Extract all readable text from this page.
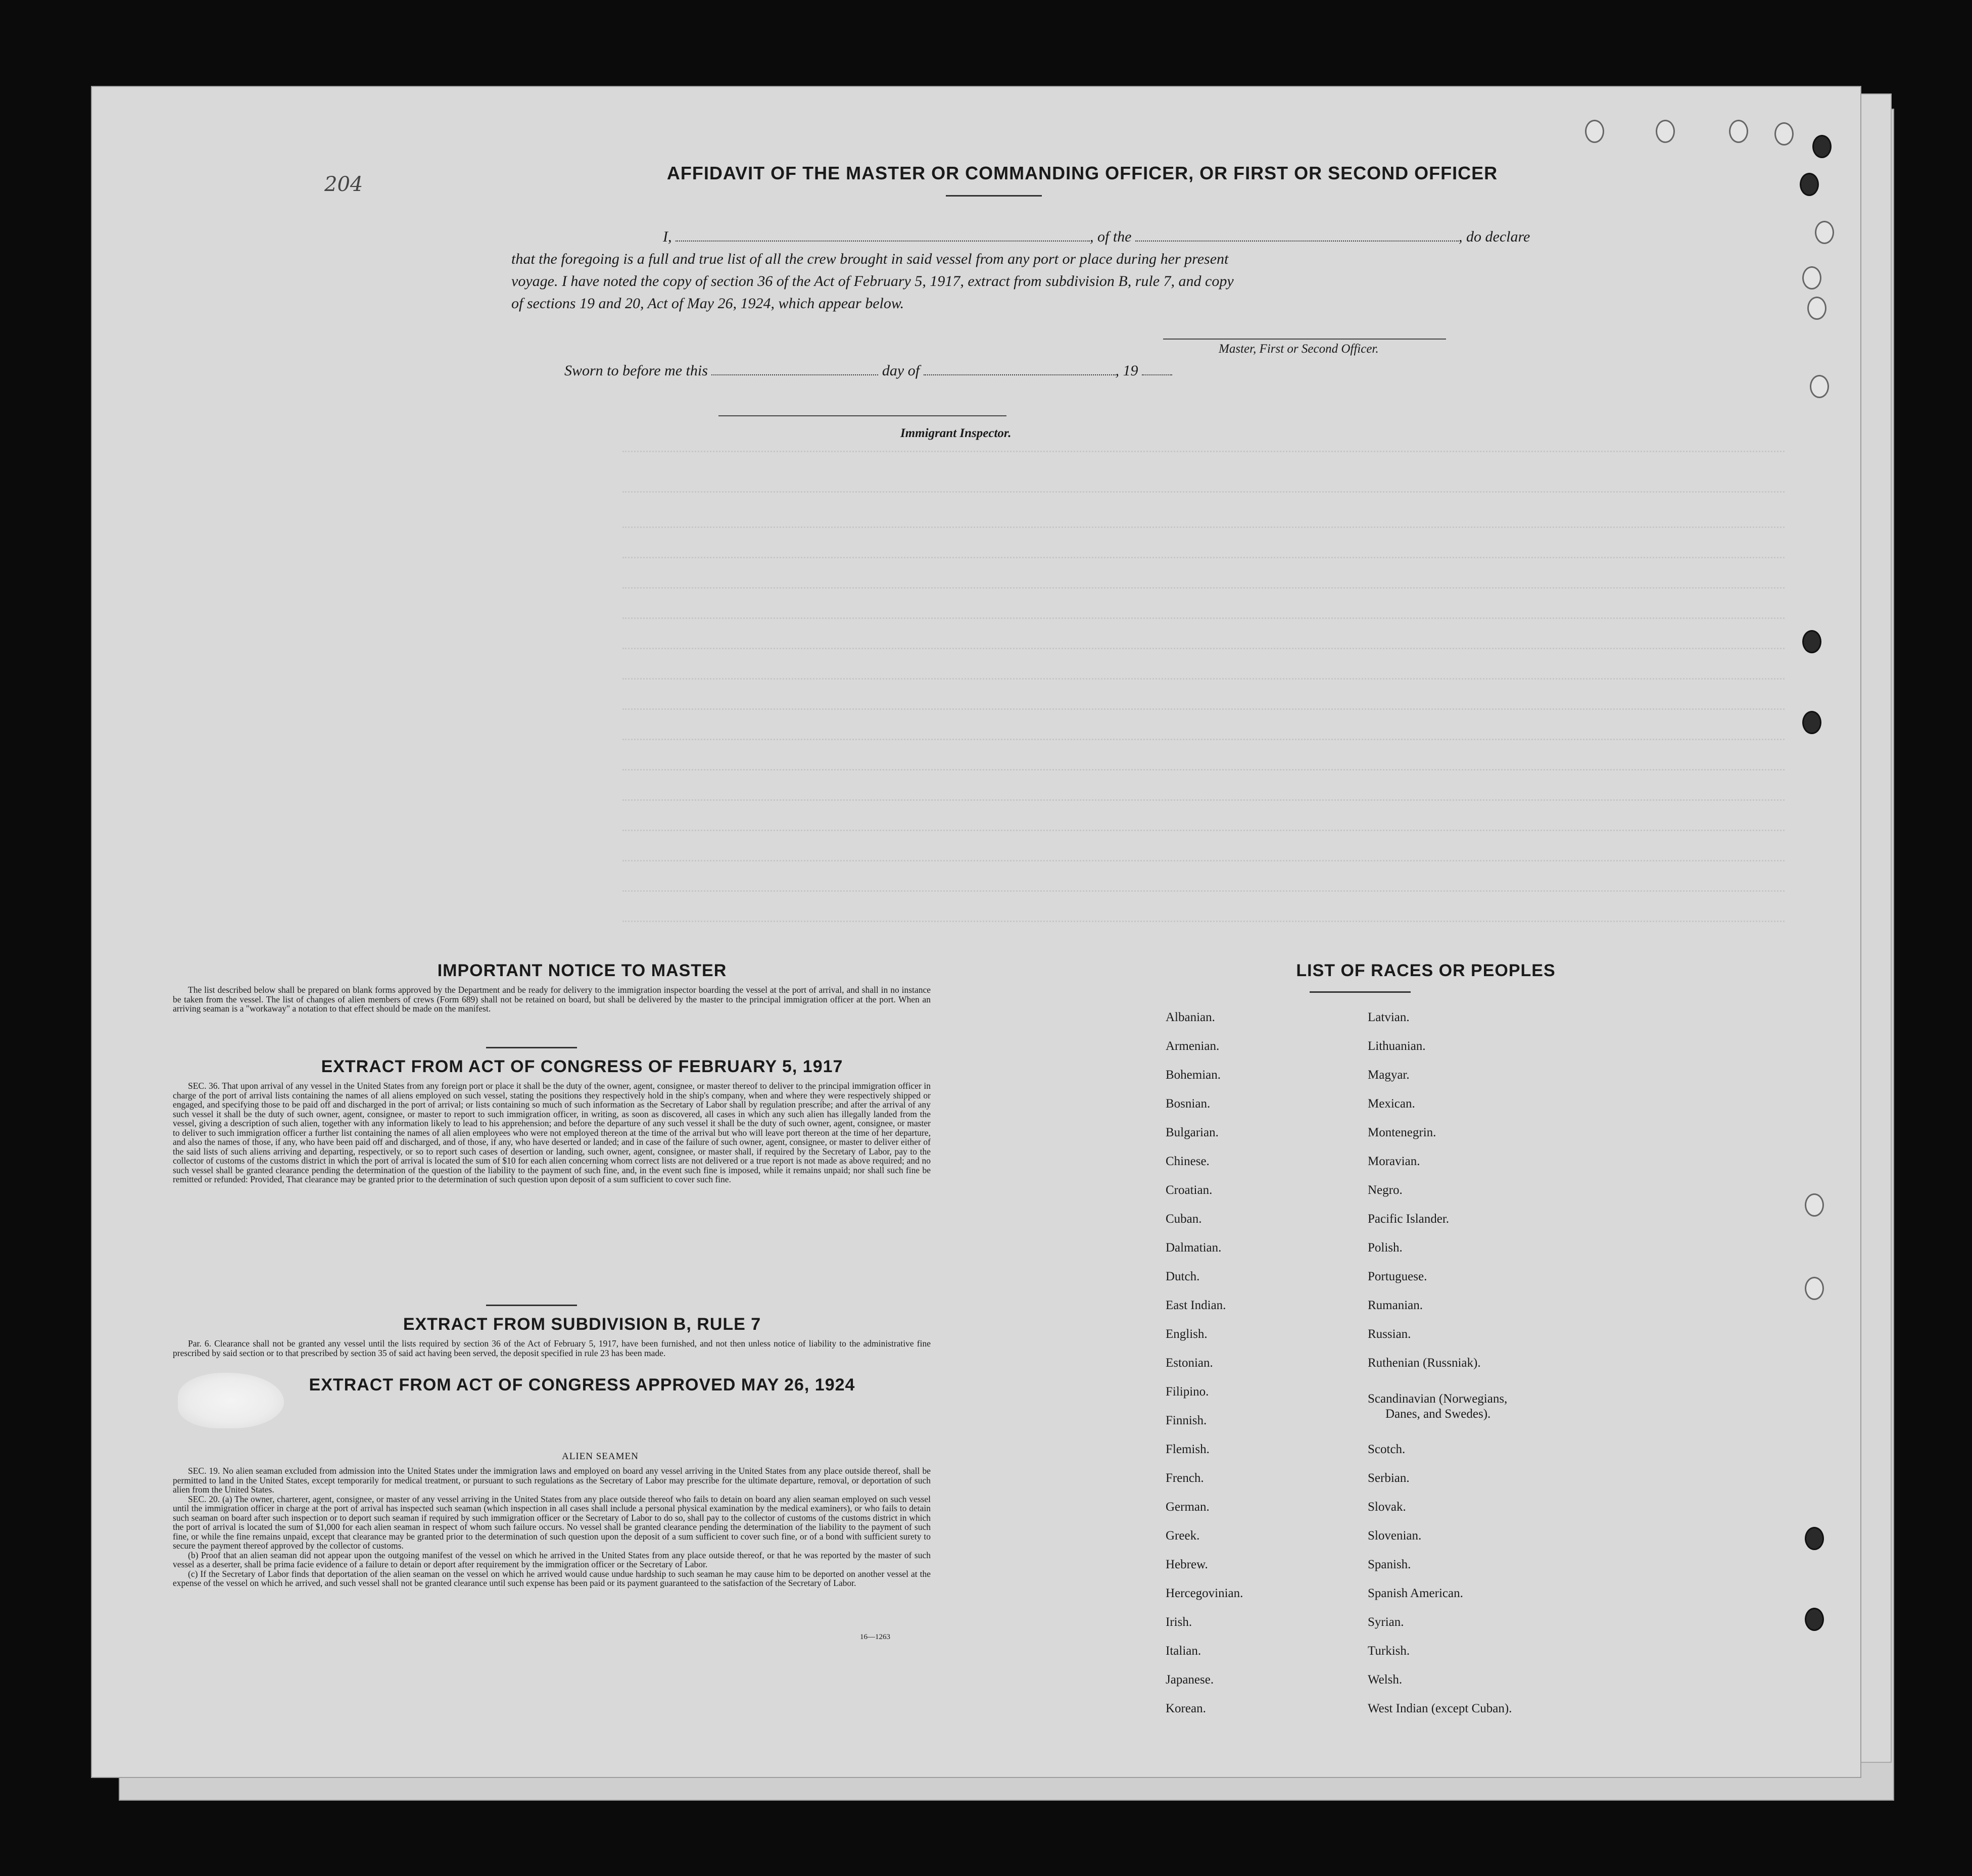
204	AFFIDAVIT OF THE MASTER OR COMMANDING OFFICER, OR FIRST OR SECOND OFFICER
I,	, of the	, do declare
that the foregoing is a full and true list of all the crew brought in said vessel from any port or place during her present
voyage. I have noted the copy of section 36 of the Act of February 5, 1917, extract from subdivision B, rule 7, and copy
of sections 19 and 20, Act of May 26, 1924, which appear below.
Master, First or Second Officer.
Sworn to before me this	day of	, 19
Immigrant Inspector.
IMPORTANT NOTICE TO MASTER

The list described below shall be prepared on blank forms approved by the Department and be ready for delivery to the immigration inspector boarding the vessel at the port of arrival, and shall in no instance be taken from the vessel. The list of changes of alien members of crews (Form 689) shall not be retained on board, but shall be delivered by the master to the principal immigration officer at the port. When an arriving seaman is a "workaway" a notation to that effect should be made on the manifest.

EXTRACT FROM ACT OF CONGRESS OF FEBRUARY 5, 1917

SEC. 36. That upon arrival of any vessel in the United States from any foreign port or place it shall be the duty of the owner, agent, consignee, or master thereof to deliver to the principal immigration officer in charge of the port of arrival lists containing the names of all aliens employed on such vessel, stating the positions they respectively hold in the ship's company, when and where they were respectively shipped or engaged, and specifying those to be paid off and discharged in the port of arrival; or lists containing so much of such information as the Secretary of Labor shall by regulation prescribe; and after the arrival of any such vessel it shall be the duty of such owner, agent, consignee, or master to report to such immigration officer, in writing, as soon as discovered, all cases in which any such alien has illegally landed from the vessel, giving a description of such alien, together with any information likely to lead to his apprehension; and before the departure of any such vessel it shall be the duty of such owner, agent, consignee, or master to deliver to such immigration officer a further list containing the names of all alien employees who were not employed thereon at the time of the arrival but who will leave port thereon at the time of her departure, and also the names of those, if any, who have been paid off and discharged, and of those, if any, who have deserted or landed; and in case of the failure of such owner, agent, consignee, or master to deliver either of the said lists of such aliens arriving and departing, respectively, or so to report such cases of desertion or landing, such owner, agent, consignee, or master shall, if required by the Secretary of Labor, pay to the collector of customs of the customs district in which the port of arrival is located the sum of $10 for each alien concerning whom correct lists are not delivered or a true report is not made as above required; and no such vessel shall be granted clearance pending the determination of the question of the liability to the payment of such fine, and, in the event such fine is imposed, while it remains unpaid; nor shall such fine be remitted or refunded: Provided, That clearance may be granted prior to the determination of such question upon deposit of a sum sufficient to cover such fine.

EXTRACT FROM SUBDIVISION B, RULE 7

Par. 6. Clearance shall not be granted any vessel until the lists required by section 36 of the Act of February 5, 1917, have been furnished, and not then unless notice of liability to the administrative fine prescribed by said section or to that prescribed by section 35 of said act having been served, the deposit specified in rule 23 has been made.

EXTRACT FROM ACT OF CONGRESS APPROVED MAY 26, 1924
ALIEN SEAMEN

SEC. 19. No alien seaman excluded from admission into the United States under the immigration laws and employed on board any vessel arriving in the United States from any place outside thereof, shall be permitted to land in the United States, except temporarily for medical treatment, or pursuant to such regulations as the Secretary of Labor may prescribe for the ultimate departure, removal, or deportation of such alien from the United States.

SEC. 20. (a) The owner, charterer, agent, consignee, or master of any vessel arriving in the United States from any place outside thereof who fails to detain on board any alien seaman employed on such vessel until the immigration officer in charge at the port of arrival has inspected such seaman (which inspection in all cases shall include a personal physical examination by the medical examiners), or who fails to detain such seaman on board after such inspection or to deport such seaman if required by such immigration officer or the Secretary of Labor to do so, shall pay to the collector of customs of the customs district in which the port of arrival is located the sum of $1,000 for each alien seaman in respect of whom such failure occurs. No vessel shall be granted clearance pending the determination of the liability to the payment of such fine, or while the fine remains unpaid, except that clearance may be granted prior to the determination of such question upon the deposit of a sum sufficient to cover such fine, or of a bond with sufficient surety to secure the payment thereof approved by the collector of customs.

(b) Proof that an alien seaman did not appear upon the outgoing manifest of the vessel on which he arrived in the United States from any place outside thereof, or that he was reported by the master of such vessel as a deserter, shall be prima facie evidence of a failure to detain or deport after requirement by the immigration officer or the Secretary of Labor.

(c) If the Secretary of Labor finds that deportation of the alien seaman on the vessel on which he arrived would cause undue hardship to such seaman he may cause him to be deported on another vessel at the expense of the vessel on which he arrived, and such vessel shall not be granted clearance until such expense has been paid or its payment guaranteed to the satisfaction of the Secretary of Labor.

16—1263
LIST OF RACES OR PEOPLES
Albanian.
Armenian.
Bohemian.
Bosnian.
Bulgarian.
Chinese.
Croatian.
Cuban.
Dalmatian.
Dutch.
East Indian.
English.
Estonian.
Filipino.
Finnish.
Flemish.
French.
German.
Greek.
Hebrew.
Hercegovinian.
Irish.
Italian.
Japanese.
Korean.
Latvian.
Lithuanian.
Magyar.
Mexican.
Montenegrin.
Moravian.
Negro.
Pacific Islander.
Polish.
Portuguese.
Rumanian.
Russian.
Ruthenian (Russniak).
Scandinavian (Norwegians,
Danes, and Swedes).
Scotch.
Serbian.
Slovak.
Slovenian.
Spanish.
Spanish American.
Syrian.
Turkish.
Welsh.
West Indian (except Cuban).
